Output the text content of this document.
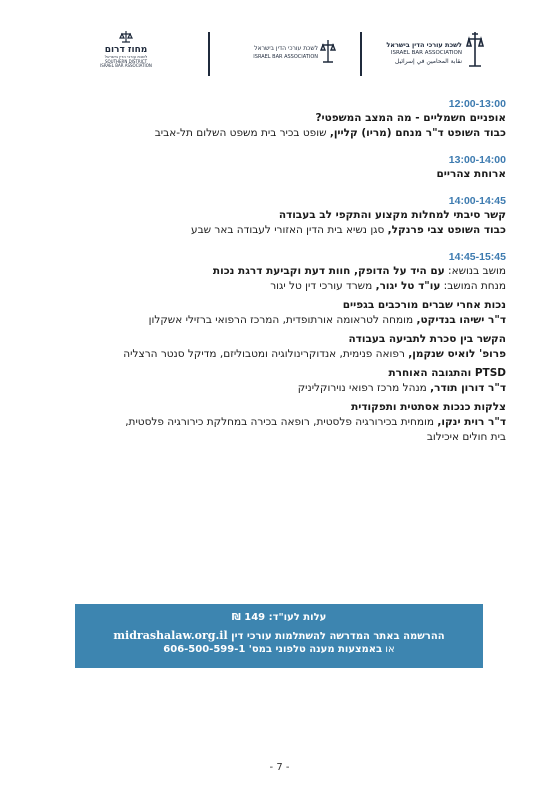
מחוז דרום
לשכת עורכי הדין בישראל
SOUTHERN DISTRICT
ISRAEL BAR ASSOCIATION
לשכת עורכי הדין בישראל
ISRAEL BAR ASSOCIATION
לשכת עורכי הדין בישראל
ISRAEL BAR ASSOCIATION
نقابة المحامين في إسرائيل
12:00-13:00
אופניים חשמליים - מה המצב המשפטי?
כבוד השופט ד"ר מנחם (מריו) קליין, שופט בכיר בית משפט השלום תל-אביב
13:00-14:00
ארוחת צהריים
14:00-14:45
קשר סיבתי למחלות מקצוע והתקפי לב בעבודה
כבוד השופט צבי פרנקל, סגן נשיא בית הדין האזורי לעבודה באר שבע
14:45-15:45
מושב בנושא: עם היד על הדופק, חוות דעת וקביעת דרגת נכות
מנחת המושב: עו"ד טל יגור, משרד עורכי דין טל יגור
נכות אחרי שברים מורכבים בגפיים
ד"ר ישיהו בנדיקט, מומחה לטראומה אורתופדית, המרכז הרפואי ברזילי אשקלון
הקשר בין סכרת לתביעה בעבודה
פרופ' לואיס שנקמן, רפואה פנימית, אנדוקרינולוגיה ומטבוליזם, מדיקל סנטר הרצליה
PTSD והתגובה האוחרת
ד"ר דורון תודר, מנהל מרכז רפואי נוירוקליניק
צלקות כנכות אסתטית ותפקודית
ד"ר רוית ינקו, מומחית בכירורגיה פלסטית, רופאה בכירה במחלקת כירורגיה פלסטית,
בית חולים איכילוב
עלות לעו"ד: 149 ₪
ההרשמה באתר המדרשה להשתלמות עורכי דין midrashalaw.org.il
או באמצעות מענה טלפוני במס' 606-500-599-1
- 7 -
